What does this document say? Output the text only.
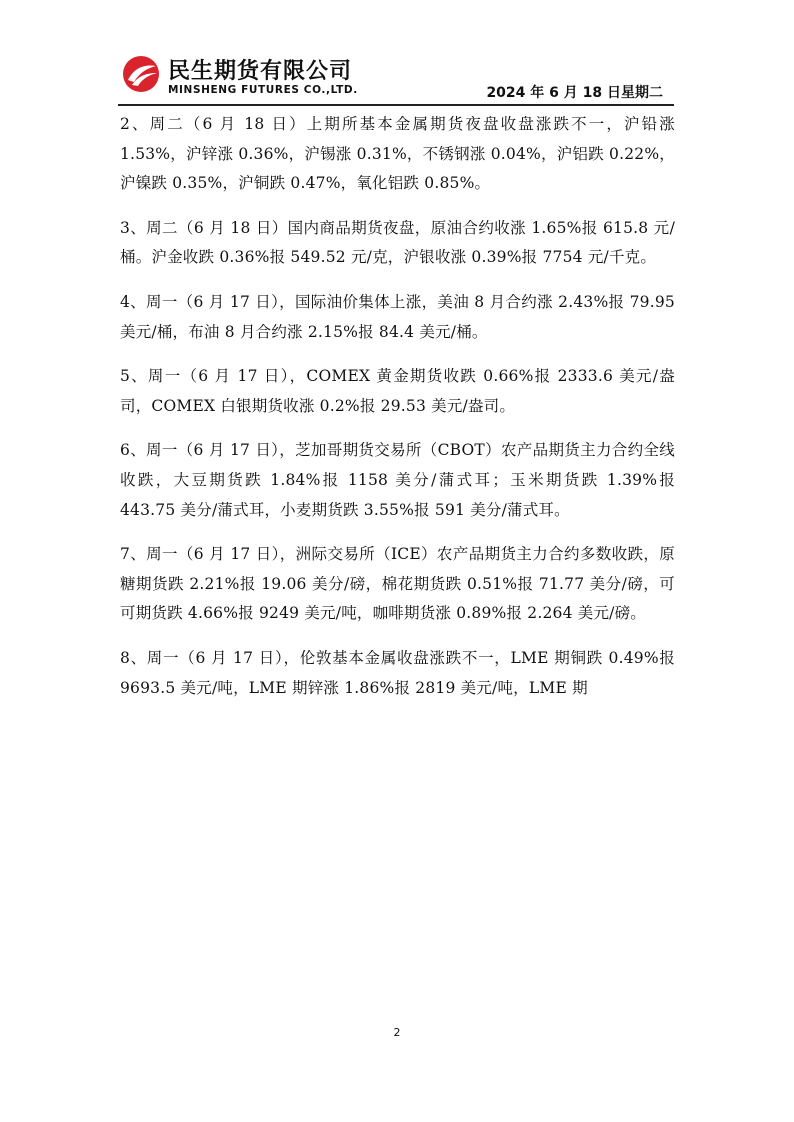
民生期货有限公司
MINSHENG FUTURES CO.,LTD.	2024 年 6 月 18 日星期二

2、周二（6 月 18 日）上期所基本金属期货夜盘收盘涨跌不一，沪铅涨 1.53%，沪锌涨 0.36%，沪锡涨 0.31%，不锈钢涨 0.04%，沪铝跌 0.22%，沪镍跌 0.35%，沪铜跌 0.47%，氧化铝跌 0.85%。

3、周二（6 月 18 日）国内商品期货夜盘，原油合约收涨 1.65%报 615.8 元/桶。沪金收跌 0.36%报 549.52 元/克，沪银收涨 0.39%报 7754 元/千克。

4、周一（6 月 17 日），国际油价集体上涨，美油 8 月合约涨 2.43%报 79.95 美元/桶，布油 8 月合约涨 2.15%报 84.4 美元/桶。

5、周一（6 月 17 日），COMEX 黄金期货收跌 0.66%报 2333.6 美元/盎司，COMEX 白银期货收涨 0.2%报 29.53 美元/盎司。

6、周一（6 月 17 日），芝加哥期货交易所（CBOT）农产品期货主力合约全线收跌，大豆期货跌 1.84%报 1158 美分/蒲式耳；玉米期货跌 1.39%报 443.75 美分/蒲式耳，小麦期货跌 3.55%报 591 美分/蒲式耳。

7、周一（6 月 17 日），洲际交易所（ICE）农产品期货主力合约多数收跌，原糖期货跌 2.21%报 19.06 美分/磅，棉花期货跌 0.51%报 71.77 美分/磅，可可期货跌 4.66%报 9249 美元/吨，咖啡期货涨 0.89%报 2.264 美元/磅。

8、周一（6 月 17 日），伦敦基本金属收盘涨跌不一，LME 期铜跌 0.49%报 9693.5 美元/吨，LME 期锌涨 1.86%报 2819 美元/吨，LME 期

2
